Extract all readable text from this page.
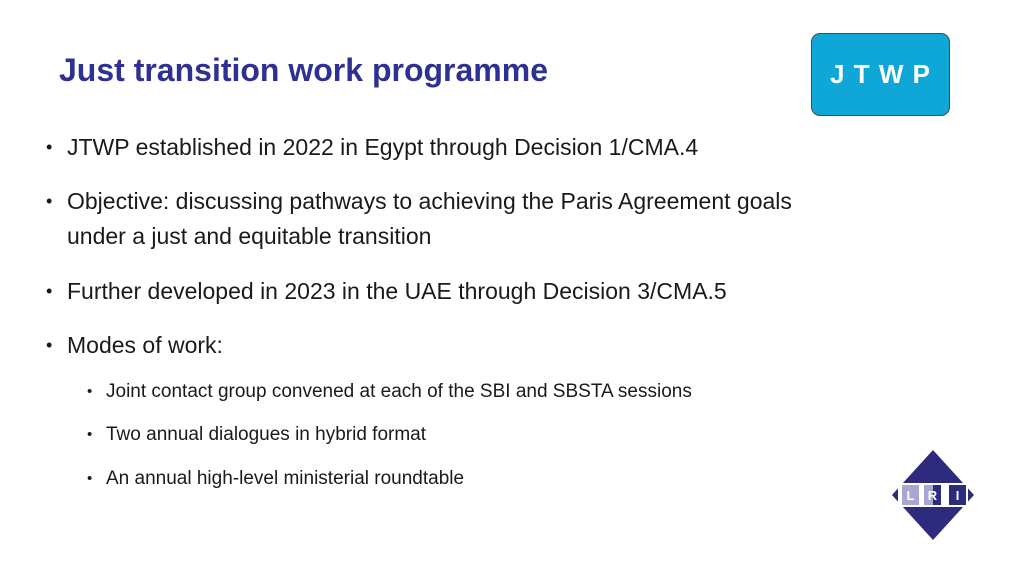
Just transition work programme	J T W P
• JTWP established in 2022 in Egypt through Decision 1/CMA.4
• Objective: discussing pathways to achieving the Paris Agreement goals
under a just and equitable transition
• Further developed in 2023 in the UAE through Decision 3/CMA.5
• Modes of work:
• Joint contact group convened at each of the SBI and SBSTA sessions
• Two annual dialogues in hybrid format
• An annual high-level ministerial roundtable
L R I
